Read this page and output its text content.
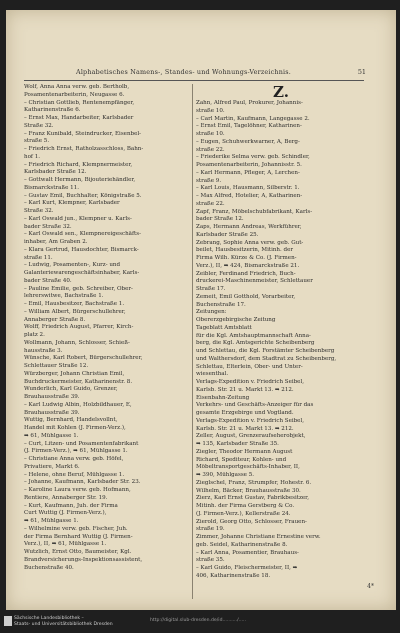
Alphabetisches Namens-, Standes- und Wohnungs-Verzeichnis.	51
Wolf, Anna Anna verw. geb. Bertholb,
Posamentenarbeiterin, Neugasse 6.
– Christian Gottlieb, Rentenempfänger,
Katharinenstraße 6.
– Ernst Max, Handarbeiter, Karlsbader
Straße 32.
– Franz Kunibald, Steindrucker, Eisenbel-
straße 5.
– Friedrich Ernst, Ratholzasschloss, Bahn-
hof 1.
– Friedrich Richard, Klempnermeister,
Karlsbader Straße 12.
– Gottwalt Hermann, Bijouteriehändler,
Bismarckstraße 11.
– Gustav Emil, Buchhalter, Königstraße 5.
– Karl Kurt, Klempner, Karlsbader
Straße 32.
– Karl Oswald jun., Klempner u. Karls-
bader Straße 32.
– Karl Oswald sen., Klempnereigeschäfts-
inhaber, Am Graben 2.
– Klara Gertrud, Hausdochter, Bismarck-
straße 11.
– Ludwig, Posamenten-, Kurz- und
Galanteriewarengeschäftsinhaber, Karls-
bader Straße 40.
– Pauline Emilie, geb. Schreiber, Ober-
lehrerswitwe, Bachstraße 1.
– Emil, Hausbesitzer, Bachstraße 1.
– William Albert, Bürgerschullehrer,
Annaberger Straße 8.
Wolff, Friedrich August, Pfarrer, Kirch-
platz 2.
Wollmann, Johann, Schlosser, Schieß-
hausstraße 3.
Wünsche, Karl Robert, Bürgerschullehrer,
Schlettauer Straße 12.
Würzberger, Johann Christian Emil,
Buchdruckermeister, Katharinenstr. 8.
Wunderlich, Karl Guido, Grenzer,
Brauhausstraße 39.
– Karl Ludwig Albin, Holzbildhauer, E,
Brauhausstraße 39.
Wuttig, Bernhard, Handelsvollnt,
Handel mit Kohlen (J. Firmen-Verz.),
➡ 61, Mühlgasse 1.
– Curt, Litzen- und Posamentenfabrikant
(J. Firmen-Verz.), ➡ 61, Mühlgasse 1.
– Christiane Anna verw. geb. Höfel,
Privatiere, Markt 6.
– Helene, ohne Beruf, Mühlgasse 1.
– Johanne, Kaufmann, Karlsbader Str. 23.
– Karoline Laura verw. geb. Hofmann,
Rentiere, Annaberger Str. 19.
– Kurt, Kaufmann, Juh. der Firma
Curt Wuttig (J. Firmen-Verz.),
➡ 61, Mühlgasse 1.
– Wilhelmine verw. geb. Fischer, Juh.
der Firma Bernhard Wuttig (J. Firmen-
Verz.), II, ➡ 61, Mühlgasse 1.
Wutzlich, Ernst Otto, Baumeister, Kgl.
Brandversicherungs-Inspektionsassistent,
Buchenstraße 40.
Z.
Zahn, Alfred Paul, Prokurer, Johannis-
straße 10.
– Carl Martin, Kaufmann, Langegasse 2.
– Ernst Emil, Tagelöhner, Katharinen-
straße 10.
– Eugen, Schuhwerkwarner, A, Berg-
straße 22.
– Friederike Selma verw. geb. Schindler,
Posamentenarbeiterin, Johannisstr. 5.
– Karl Hermann, Pfleger, A, Lerchen-
straße 9.
– Karl Louis, Hausmann, Silberstr. 1.
– Max Alfred, Hotelier, A, Katharinen-
straße 22.
Zapf, Franz, Möbelschubfabrikant, Karls-
bader Straße 12.
Zaps, Hermann Andreas, Werkführer,
Karlsbader Straße 25.
Zebrang, Sophie Anna verw. geb. Gut-
beilet, Hausbesitzerin, Mitinh. der
Firma Wilh. Kürze & Co. (J. Firmen-
Verz.), II, ➡ 424, Bismarckstraße 21.
Zeibler, Ferdinand Friedrich, Buch-
druckerei-Maschinenmeister, Schlettauer
Straße 17.
Zemeit, Emil Gotthold, Vorarbeiter,
Buchenstraße 17.
Zeitungen:
Obererzgebirgische Zeitung
Tageblatt Amtsblatt
für die Kgl. Amtshauptmannschaft Anna-
berg, die Kgl. Amtsgerichte Scheibenberg
und Schlettau, die Kgl. Forstämter Scheibenberg
und Walthersdorf, dem Stadtrat zu Scheibenberg,
Schlettau, Elterlein, Ober- und Unter-
wiesenthal.
Verlags-Expedition v. Friedrich Seibel,
Karlsb. Str. 21 u. Markt 13. ➡ 212.
Eisenbahn-Zeitung
Verkehrs- und Geschäfts-Anzeiger für das
gesamte Erzgebirge und Vogtland.
Verlags-Expedition v. Friedrich Seibel,
Karlsb. Str. 21 u. Markt 13. ➡ 212.
Zeller, August, Grenzeraufseherobjekt,
➡ 135, Karlsbader Straße 35.
Ziegler, Theodor Hermann August
Richard, Spediteur, Kohlen- und
Möbeltransportgeschäfts-Inhaber, II,
➡ 390, Mühlgasse 5.
Zieglschel, Franz, Strumpfer, Hohestr. 6.
Wilhelm, Bäcker, Brauhausstraße 30.
Zierz, Karl Ernst Gustav, Fabrikbesitzer,
Mitinh. der Firma Gerstberg & Co.
(J. Firmen-Verz.), Kellerstraße 24.
Zierold, Georg Otto, Schlosser, Frauen-
straße 19.
Zimmer, Johanne Christiane Ernestine verw.
geb. Seidel, Katharinenstraße 8.
– Karl Anna, Posamentier, Brauhaus-
straße 35.
– Karl Guido, Fleischermeister, II, ➡
406, Katharinenstraße 18.
4*
Sächsische Landesbibliothek –
Staats- und Universitätsbibliothek Dresden
http://digital.slub-dresden.de/id........../.....
